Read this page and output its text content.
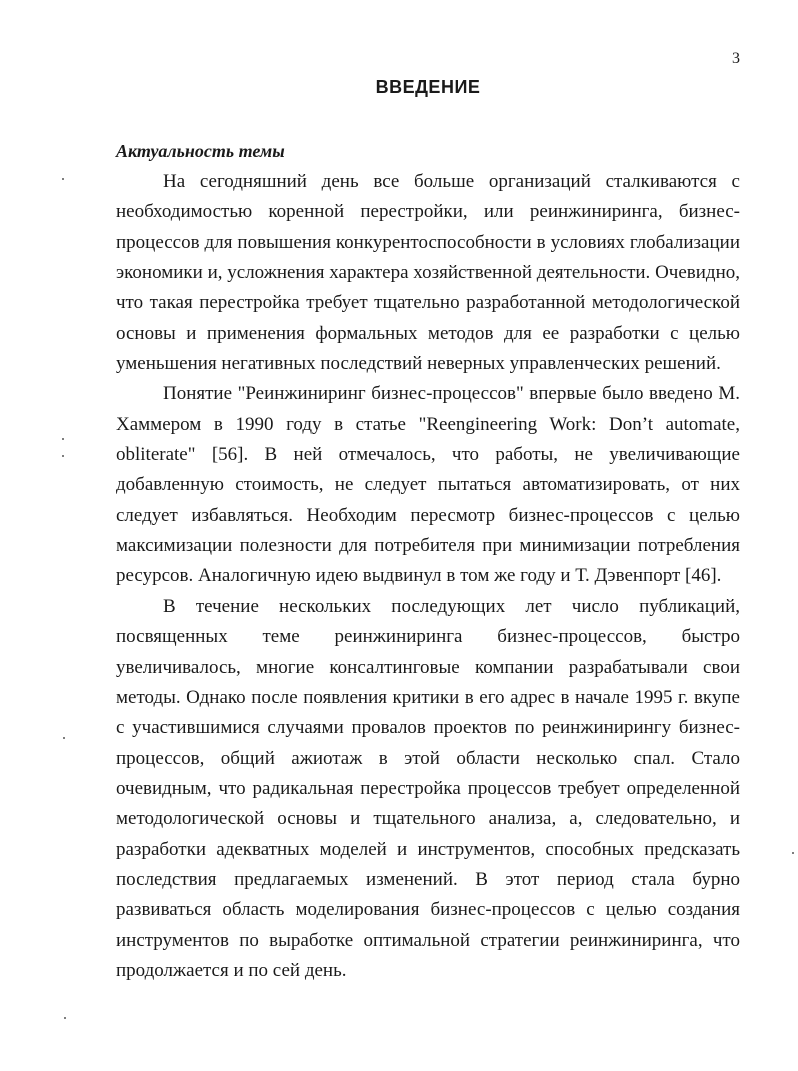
3
ВВЕДЕНИЕ
Актуальность темы

На сегодняшний день все больше организаций сталкиваются с необходимостью коренной перестройки, или реинжиниринга, бизнес-процессов для повышения конкурентоспособности в условиях глобализации экономики и, усложнения характера хозяйственной деятельности. Очевидно, что такая перестройка требует тщательно разработанной методологической основы и применения формальных методов для ее разработки с целью уменьшения негативных последствий неверных управленческих решений.

Понятие "Реинжиниринг бизнес-процессов" впервые было введено М. Хаммером в 1990 году в статье "Reengineering Work: Don’t automate, obliterate" [56]. В ней отмечалось, что работы, не увеличивающие добавленную стоимость, не следует пытаться автоматизировать, от них следует избавляться. Необходим пересмотр бизнес-процессов с целью максимизации полезности для потребителя при минимизации потребления ресурсов. Аналогичную идею выдвинул в том же году и Т. Дэвенпорт [46].

В течение нескольких последующих лет число публикаций, посвященных теме реинжиниринга бизнес-процессов, быстро увеличивалось, многие консалтинговые компании разрабатывали свои методы. Однако после появления критики в его адрес в начале 1995 г. вкупе с участившимися случаями провалов проектов по реинжинирингу бизнес-процессов, общий ажиотаж в этой области несколько спал. Стало очевидным, что радикальная перестройка процессов требует определенной методологической основы и тщательного анализа, а, следовательно, и разработки адекватных моделей и инструментов, способных предсказать последствия предлагаемых изменений. В этот период стала бурно развиваться область моделирования бизнес-процессов с целью создания инструментов по выработке оптимальной стратегии реинжиниринга, что продолжается и по сей день.
